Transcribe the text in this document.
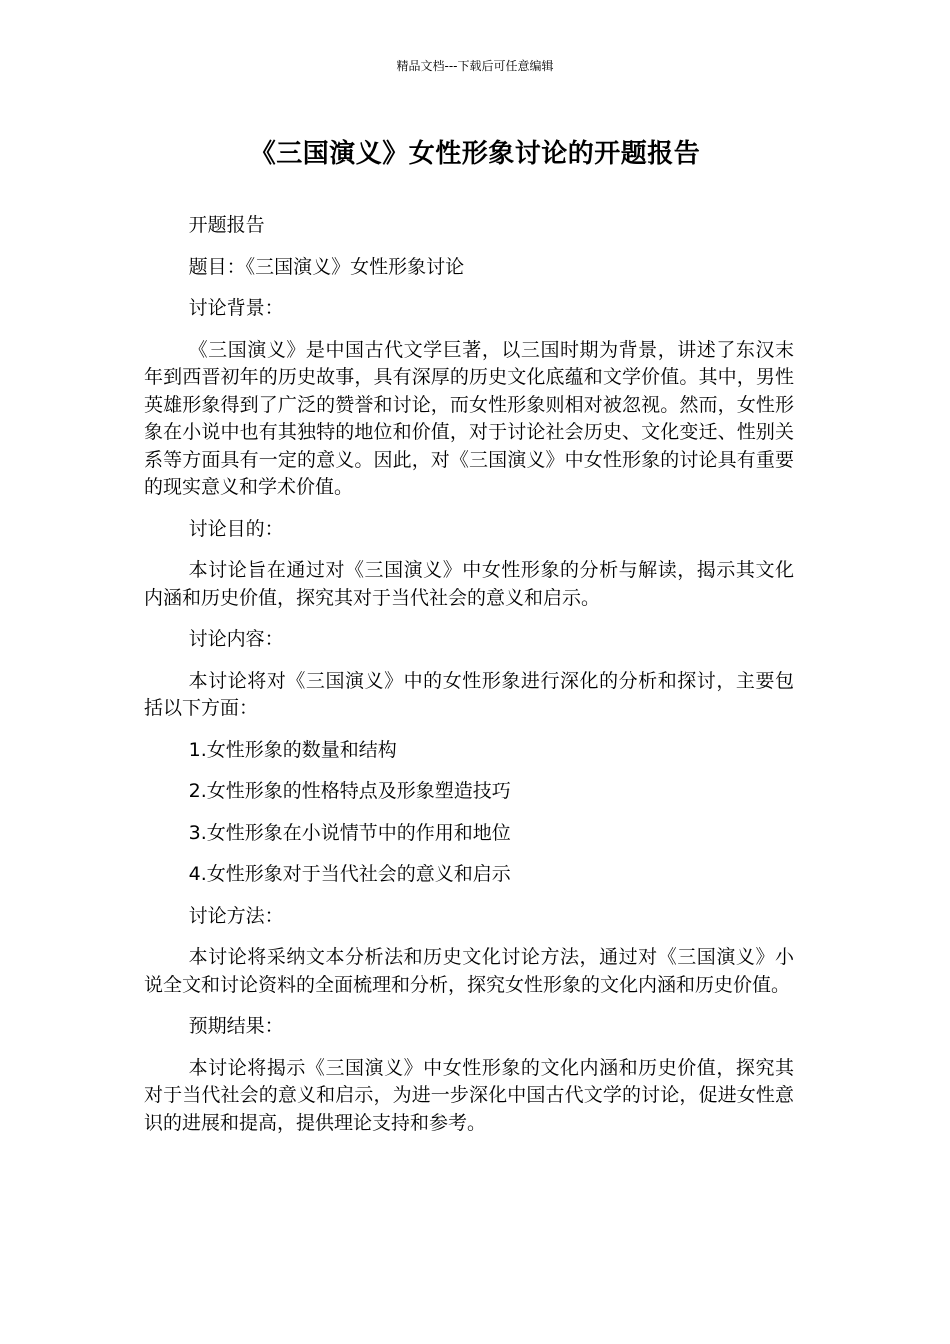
精品文档---下载后可任意编辑
《三国演义》女性形象讨论的开题报告

开题报告

题目：《三国演义》女性形象讨论

讨论背景：

《三国演义》是中国古代文学巨著，以三国时期为背景，讲述了东汉末年到西晋初年的历史故事，具有深厚的历史文化底蕴和文学价值。其中，男性英雄形象得到了广泛的赞誉和讨论，而女性形象则相对被忽视。然而，女性形象在小说中也有其独特的地位和价值，对于讨论社会历史、文化变迁、性别关系等方面具有一定的意义。因此，对《三国演义》中女性形象的讨论具有重要的现实意义和学术价值。

讨论目的：

本讨论旨在通过对《三国演义》中女性形象的分析与解读，揭示其文化内涵和历史价值，探究其对于当代社会的意义和启示。

讨论内容：

本讨论将对《三国演义》中的女性形象进行深化的分析和探讨，主要包括以下方面：

1.女性形象的数量和结构

2.女性形象的性格特点及形象塑造技巧

3.女性形象在小说情节中的作用和地位

4.女性形象对于当代社会的意义和启示

讨论方法：

本讨论将采纳文本分析法和历史文化讨论方法，通过对《三国演义》小说全文和讨论资料的全面梳理和分析，探究女性形象的文化内涵和历史价值。

预期结果：

本讨论将揭示《三国演义》中女性形象的文化内涵和历史价值，探究其对于当代社会的意义和启示，为进一步深化中国古代文学的讨论，促进女性意识的进展和提高，提供理论支持和参考。
